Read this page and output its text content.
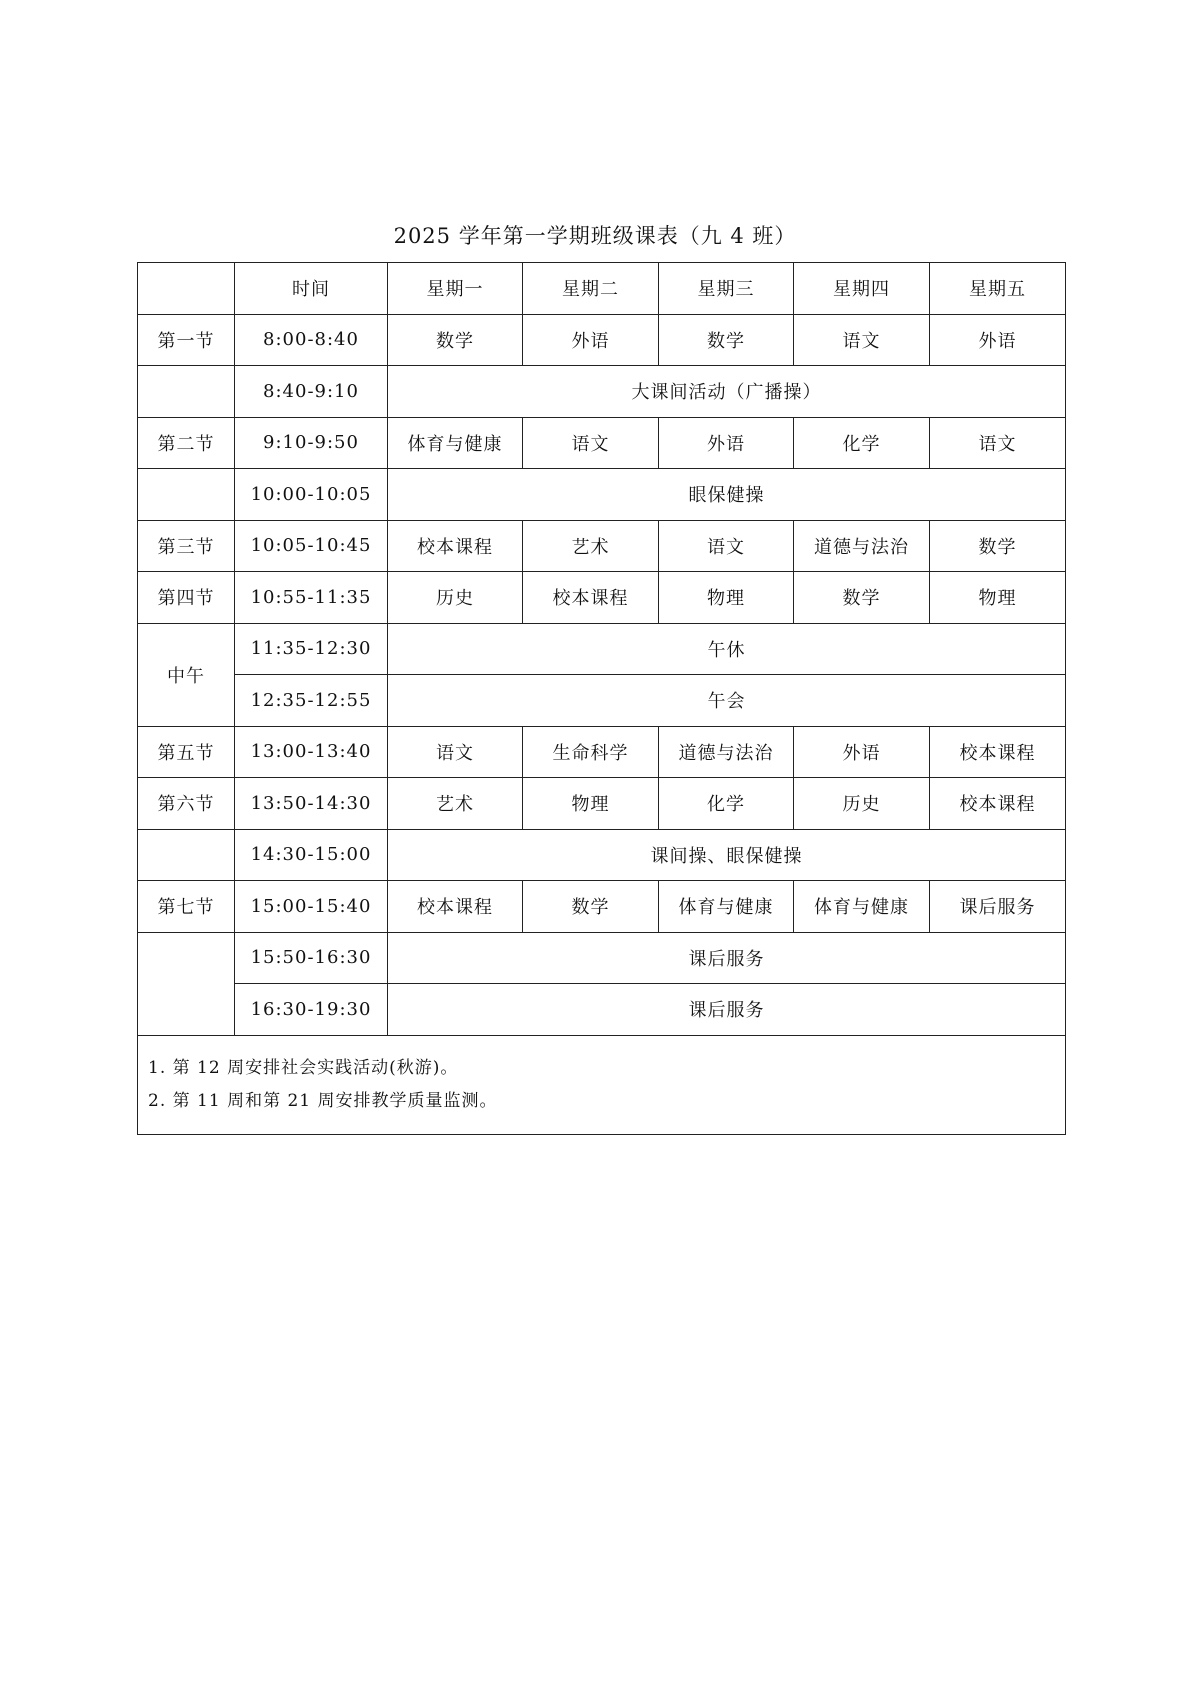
2025 学年第一学期班级课表（九 4 班）
	时间	星期一	星期二	星期三	星期四	星期五
第一节	8:00-8:40	数学	外语	数学	语文	外语
	8:40-9:10	大课间活动（广播操）				
第二节	9:10-9:50	体育与健康	语文	外语	化学	语文
	10:00-10:05	眼保健操				
第三节	10:05-10:45	校本课程	艺术	语文	道德与法治	数学
第四节	10:55-11:35	历史	校本课程	物理	数学	物理
中午	11:35-12:30	午休				
	12:35-12:55	午会				
第五节	13:00-13:40	语文	生命科学	道德与法治	外语	校本课程
第六节	13:50-14:30	艺术	物理	化学	历史	校本课程
	14:30-15:00	课间操、眼保健操				
第七节	15:00-15:40	校本课程	数学	体育与健康	体育与健康	课后服务
	15:50-16:30	课后服务				
	16:30-19:30	课后服务				

1. 第 12 周安排社会实践活动(秋游)。
2. 第 11 周和第 21 周安排教学质量监测。						
